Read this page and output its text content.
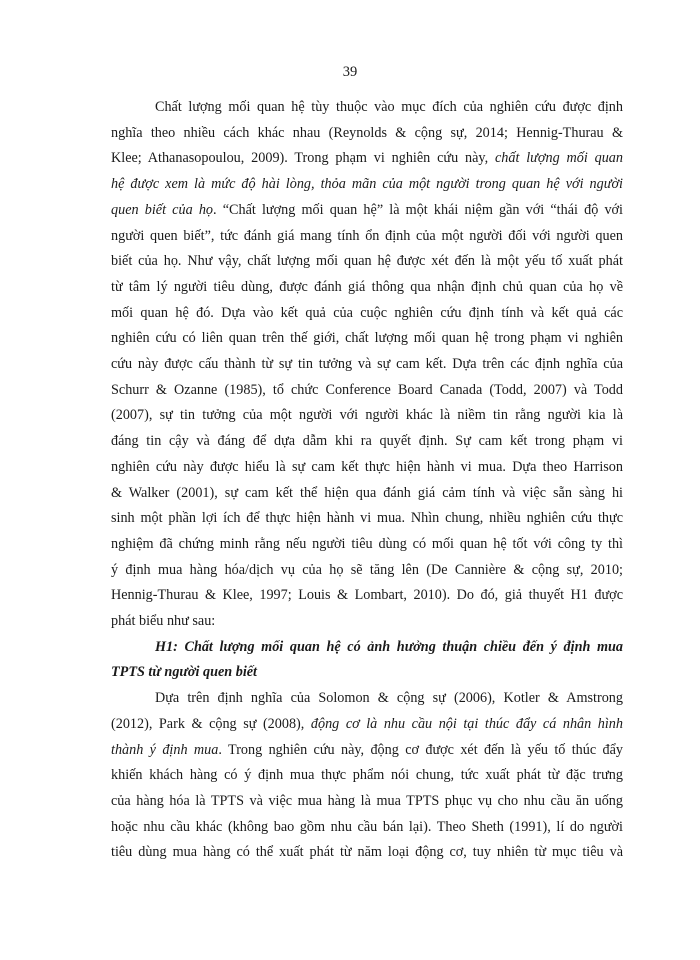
39
Chất lượng mối quan hệ tùy thuộc vào mục đích của nghiên cứu được định
nghĩa theo nhiều cách khác nhau (Reynolds & cộng sự, 2014; Hennig-Thurau &
Klee; Athanasopoulou, 2009). Trong phạm vi nghiên cứu này, chất lượng mối quan
hệ được xem là mức độ hài lòng, thỏa mãn của một người trong quan hệ với người
quen biết của họ. “Chất lượng mối quan hệ” là một khái niệm gần với “thái độ với
người quen biết”, tức đánh giá mang tính ổn định của một người đối với người quen
biết của họ. Như vậy, chất lượng mối quan hệ được xét đến là một yếu tố xuất phát
từ tâm lý người tiêu dùng, được đánh giá thông qua nhận định chủ quan của họ về
mối quan hệ đó. Dựa vào kết quả của cuộc nghiên cứu định tính và kết quả các
nghiên cứu có liên quan trên thế giới, chất lượng mối quan hệ trong phạm vi nghiên
cứu này được cấu thành từ sự tin tưởng và sự cam kết. Dựa trên các định nghĩa của
Schurr & Ozanne (1985), tổ chức Conference Board Canada (Todd, 2007) và Todd
(2007), sự tin tưởng của một người với người khác là niềm tin rằng người kia là
đáng tin cậy và đáng để dựa dẫm khi ra quyết định. Sự cam kết trong phạm vi
nghiên cứu này được hiểu là sự cam kết thực hiện hành vi mua. Dựa theo Harrison
& Walker (2001), sự cam kết thể hiện qua đánh giá cảm tính và việc sẵn sàng hi
sinh một phần lợi ích để thực hiện hành vi mua. Nhìn chung, nhiều nghiên cứu thực
nghiệm đã chứng minh rằng nếu người tiêu dùng có mối quan hệ tốt với công ty thì
ý định mua hàng hóa/dịch vụ của họ sẽ tăng lên (De Cannière & cộng sự, 2010;
Hennig-Thurau & Klee, 1997; Louis & Lombart, 2010). Do đó, giả thuyết H1 được
phát biểu như sau:
H1: Chất lượng mối quan hệ có ảnh hưởng thuận chiều đến ý định mua
TPTS từ người quen biết
Dựa trên định nghĩa của Solomon & cộng sự (2006), Kotler & Amstrong
(2012), Park & cộng sự (2008), động cơ là nhu cầu nội tại thúc đẩy cá nhân hình
thành ý định mua. Trong nghiên cứu này, động cơ được xét đến là yếu tố thúc đẩy
khiến khách hàng có ý định mua thực phẩm nói chung, tức xuất phát từ đặc trưng
của hàng hóa là TPTS và việc mua hàng là mua TPTS phục vụ cho nhu cầu ăn uống
hoặc nhu cầu khác (không bao gồm nhu cầu bán lại). Theo Sheth (1991), lí do người
tiêu dùng mua hàng có thể xuất phát từ năm loại động cơ, tuy nhiên từ mục tiêu và
